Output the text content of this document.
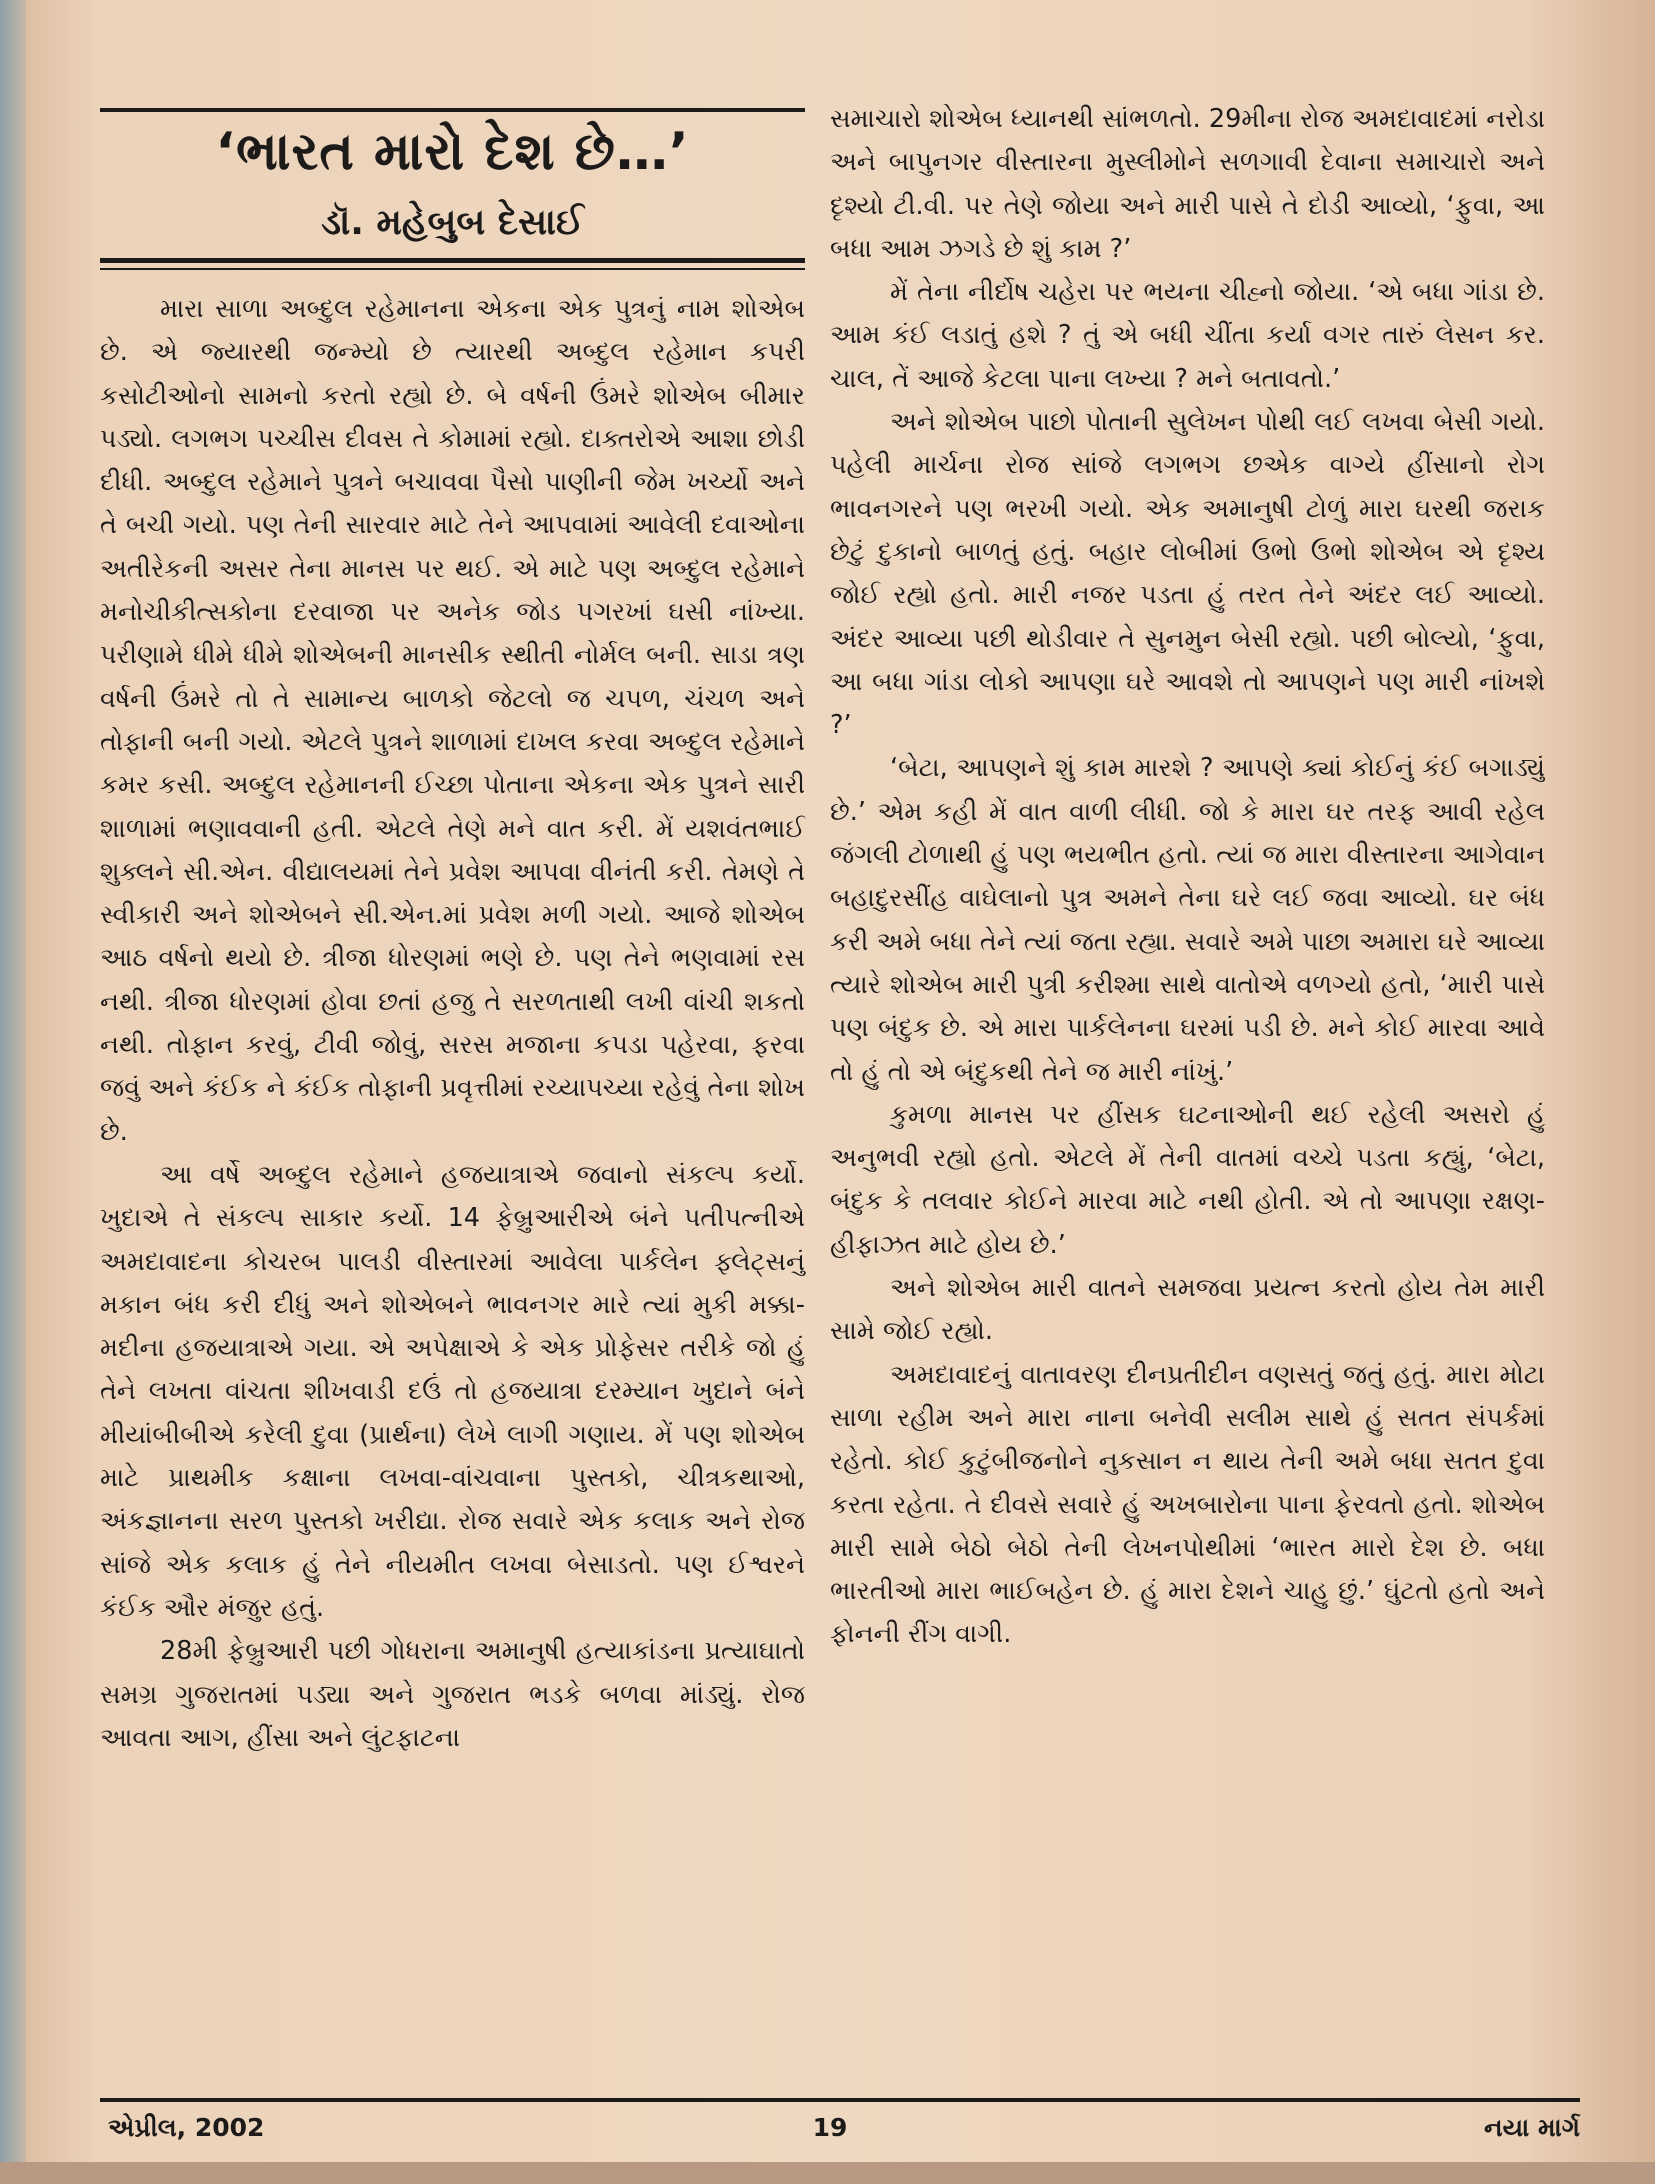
‘ભારત મારો દેશ છે…’
ડૉ. મહેબુબ દેસાઈ

મારા સાળા અબ્દુલ રહેમાનના એકના એક પુત્રનું નામ શોએબ છે. એ જ્યારથી જન્મ્યો છે ત્યારથી અબ્દુલ રહેમાન કપરી કસોટીઓનો સામનો કરતો રહ્યો છે. બે વર્ષની ઉંમરે શોએબ બીમાર પડ્યો. લગભગ પચ્ચીસ દીવસ તે કોમામાં રહ્યો. દાક્તરોએ આશા છોડી દીધી. અબ્દુલ રહેમાને પુત્રને બચાવવા પૈસો પાણીની જેમ ખર્ચ્યો અને તે બચી ગયો. પણ તેની સારવાર માટે તેને આપવામાં આવેલી દવાઓના અતીરેકની અસર તેના માનસ પર થઈ. એ માટે પણ અબ્દુલ રહેમાને મનોચીકીત્સકોના દરવાજા પર અનેક જોડ પગરખાં ઘસી નાંખ્યા. પરીણામે ધીમે ધીમે શોએબની માનસીક સ્થીતી નોર્મલ બની. સાડા ત્રણ વર્ષની ઉંમરે તો તે સામાન્ય બાળકો જેટલો જ ચપળ, ચંચળ અને તોફાની બની ગયો. એટલે પુત્રને શાળામાં દાખલ કરવા અબ્દુલ રહેમાને કમર કસી. અબ્દુલ રહેમાનની ઈચ્છા પોતાના એકના એક પુત્રને સારી શાળામાં ભણાવવાની હતી. એટલે તેણે મને વાત કરી. મેં યશવંતભાઈ શુક્લને સી.એન. વીદ્યાલયમાં તેને પ્રવેશ આપવા વીનંતી કરી. તેમણે તે સ્વીકારી અને શોએબને સી.એન.માં પ્રવેશ મળી ગયો. આજે શોએબ આઠ વર્ષનો થયો છે. ત્રીજા ધોરણમાં ભણે છે. પણ તેને ભણવામાં રસ નથી. ત્રીજા ધોરણમાં હોવા છતાં હજુ તે સરળતાથી લખી વાંચી શકતો નથી. તોફાન કરવું, ટીવી જોવું, સરસ મજાના કપડા પહેરવા, ફરવા જવું અને કંઈક ને કંઈક તોફાની પ્રવૃત્તીમાં રચ્યાપચ્યા રહેવું તેના શોખ છે.

આ વર્ષે અબ્દુલ રહેમાને હજયાત્રાએ જવાનો સંકલ્પ કર્યો. ખુદાએ તે સંકલ્પ સાકાર કર્યો. 14 ફેબ્રુઆરીએ બંને પતીપત્નીએ અમદાવાદના કોચરબ પાલડી વીસ્તારમાં આવેલા પાર્કલેન ફ્લેટ્સનું મકાન બંધ કરી દીધું અને શોએબને ભાવનગર મારે ત્યાં મુકી મક્કા-મદીના હજયાત્રાએ ગયા. એ અપેક્ષાએ કે એક પ્રોફેસર તરીકે જો હું તેને લખતા વાંચતા શીખવાડી દઉં તો હજયાત્રા દરમ્યાન ખુદાને બંને મીયાંબીબીએ કરેલી દુવા (પ્રાર્થના) લેખે લાગી ગણાય. મેં પણ શોએબ માટે પ્રાથમીક કક્ષાના લખવા-વાંચવાના પુસ્તકો, ચીત્રકથાઓ, અંકજ્ઞાનના સરળ પુસ્તકો ખરીદ્યા. રોજ સવારે એક કલાક અને રોજ સાંજે એક કલાક હું તેને નીયમીત લખવા બેસાડતો. પણ ઈશ્વરને કંઈક ઔર મંજુર હતું.

28મી ફેબ્રુઆરી પછી ગોધરાના અમાનુષી હત્યાકાંડના પ્રત્યાઘાતો સમગ્ર ગુજરાતમાં પડ્યા અને ગુજરાત ભડકે બળવા માંડ્યું. રોજ આવતા આગ, હીંસા અને લુંટફાટના

સમાચારો શોએબ ધ્યાનથી સાંભળતો. 29મીના રોજ અમદાવાદમાં નરોડા અને બાપુનગર વીસ્તારના મુસ્લીમોને સળગાવી દેવાના સમાચારો અને દૃશ્યો ટી.વી. પર તેણે જોયા અને મારી પાસે તે દોડી આવ્યો, ‘ફુવા, આ બધા આમ ઝગડે છે શું કામ ?’

મેં તેના નીર્દોષ ચહેરા પર ભયના ચીહ્નો જોયા. ‘એ બધા ગાંડા છે. આમ કંઈ લડાતું હશે ? તું એ બધી ચીંતા કર્યા વગર તારું લેસન કર. ચાલ, તેં આજે કેટલા પાના લખ્યા ? મને બતાવતો.’

અને શોએબ પાછો પોતાની સુલેખન પોથી લઈ લખવા બેસી ગયો. પહેલી માર્ચના રોજ સાંજે લગભગ છએક વાગ્યે હીંસાનો રોગ ભાવનગરને પણ ભરખી ગયો. એક અમાનુષી ટોળું મારા ઘરથી જરાક છેટું દુકાનો બાળતું હતું. બહાર લોબીમાં ઉભો ઉભો શોએબ એ દૃશ્ય જોઈ રહ્યો હતો. મારી નજર પડતા હું તરત તેને અંદર લઈ આવ્યો. અંદર આવ્યા પછી થોડીવાર તે સુનમુન બેસી રહ્યો. પછી બોલ્યો, ‘ફુવા, આ બધા ગાંડા લોકો આપણા ઘરે આવશે તો આપણને પણ મારી નાંખશે ?’

‘બેટા, આપણને શું કામ મારશે ? આપણે ક્યાં કોઈનું કંઈ બગાડ્યું છે.’ એમ કહી મેં વાત વાળી લીધી. જો કે મારા ઘર તરફ આવી રહેલ જંગલી ટોળાથી હું પણ ભયભીત હતો. ત્યાં જ મારા વીસ્તારના આગેવાન બહાદુરસીંહ વાઘેલાનો પુત્ર અમને તેના ઘરે લઈ જવા આવ્યો. ઘર બંધ કરી અમે બધા તેને ત્યાં જતા રહ્યા. સવારે અમે પાછા અમારા ઘરે આવ્યા ત્યારે શોએબ મારી પુત્રી કરીશ્મા સાથે વાતોએ વળગ્યો હતો, ‘મારી પાસે પણ બંદુક છે. એ મારા પાર્કલેનના ઘરમાં પડી છે. મને કોઈ મારવા આવે તો હું તો એ બંદુકથી તેને જ મારી નાંખું.’

કુમળા માનસ પર હીંસક ઘટનાઓની થઈ રહેલી અસરો હું અનુભવી રહ્યો હતો. એટલે મેં તેની વાતમાં વચ્ચે પડતા કહ્યું, ‘બેટા, બંદુક કે તલવાર કોઈને મારવા માટે નથી હોતી. એ તો આપણા રક્ષણ-હીફાઝત માટે હોય છે.’

અને શોએબ મારી વાતને સમજવા પ્રયત્ન કરતો હોય તેમ મારી સામે જોઈ રહ્યો.

અમદાવાદનું વાતાવરણ દીનપ્રતીદીન વણસતું જતું હતું. મારા મોટા સાળા રહીમ અને મારા નાના બનેવી સલીમ સાથે હું સતત સંપર્કમાં રહેતો. કોઈ કુટુંબીજનોને નુકસાન ન થાય તેની અમે બધા સતત દુવા કરતા રહેતા. તે દીવસે સવારે હું અખબારોના પાના ફેરવતો હતો. શોએબ મારી સામે બેઠો બેઠો તેની લેખનપોથીમાં ‘ભારત મારો દેશ છે. બધા ભારતીઓ મારા ભાઈબહેન છે. હું મારા દેશને ચાહુ છું.’ ઘુંટતો હતો અને ફોનની રીંગ વાગી.

એપ્રીલ, 2002	19	નયા માર્ગ
